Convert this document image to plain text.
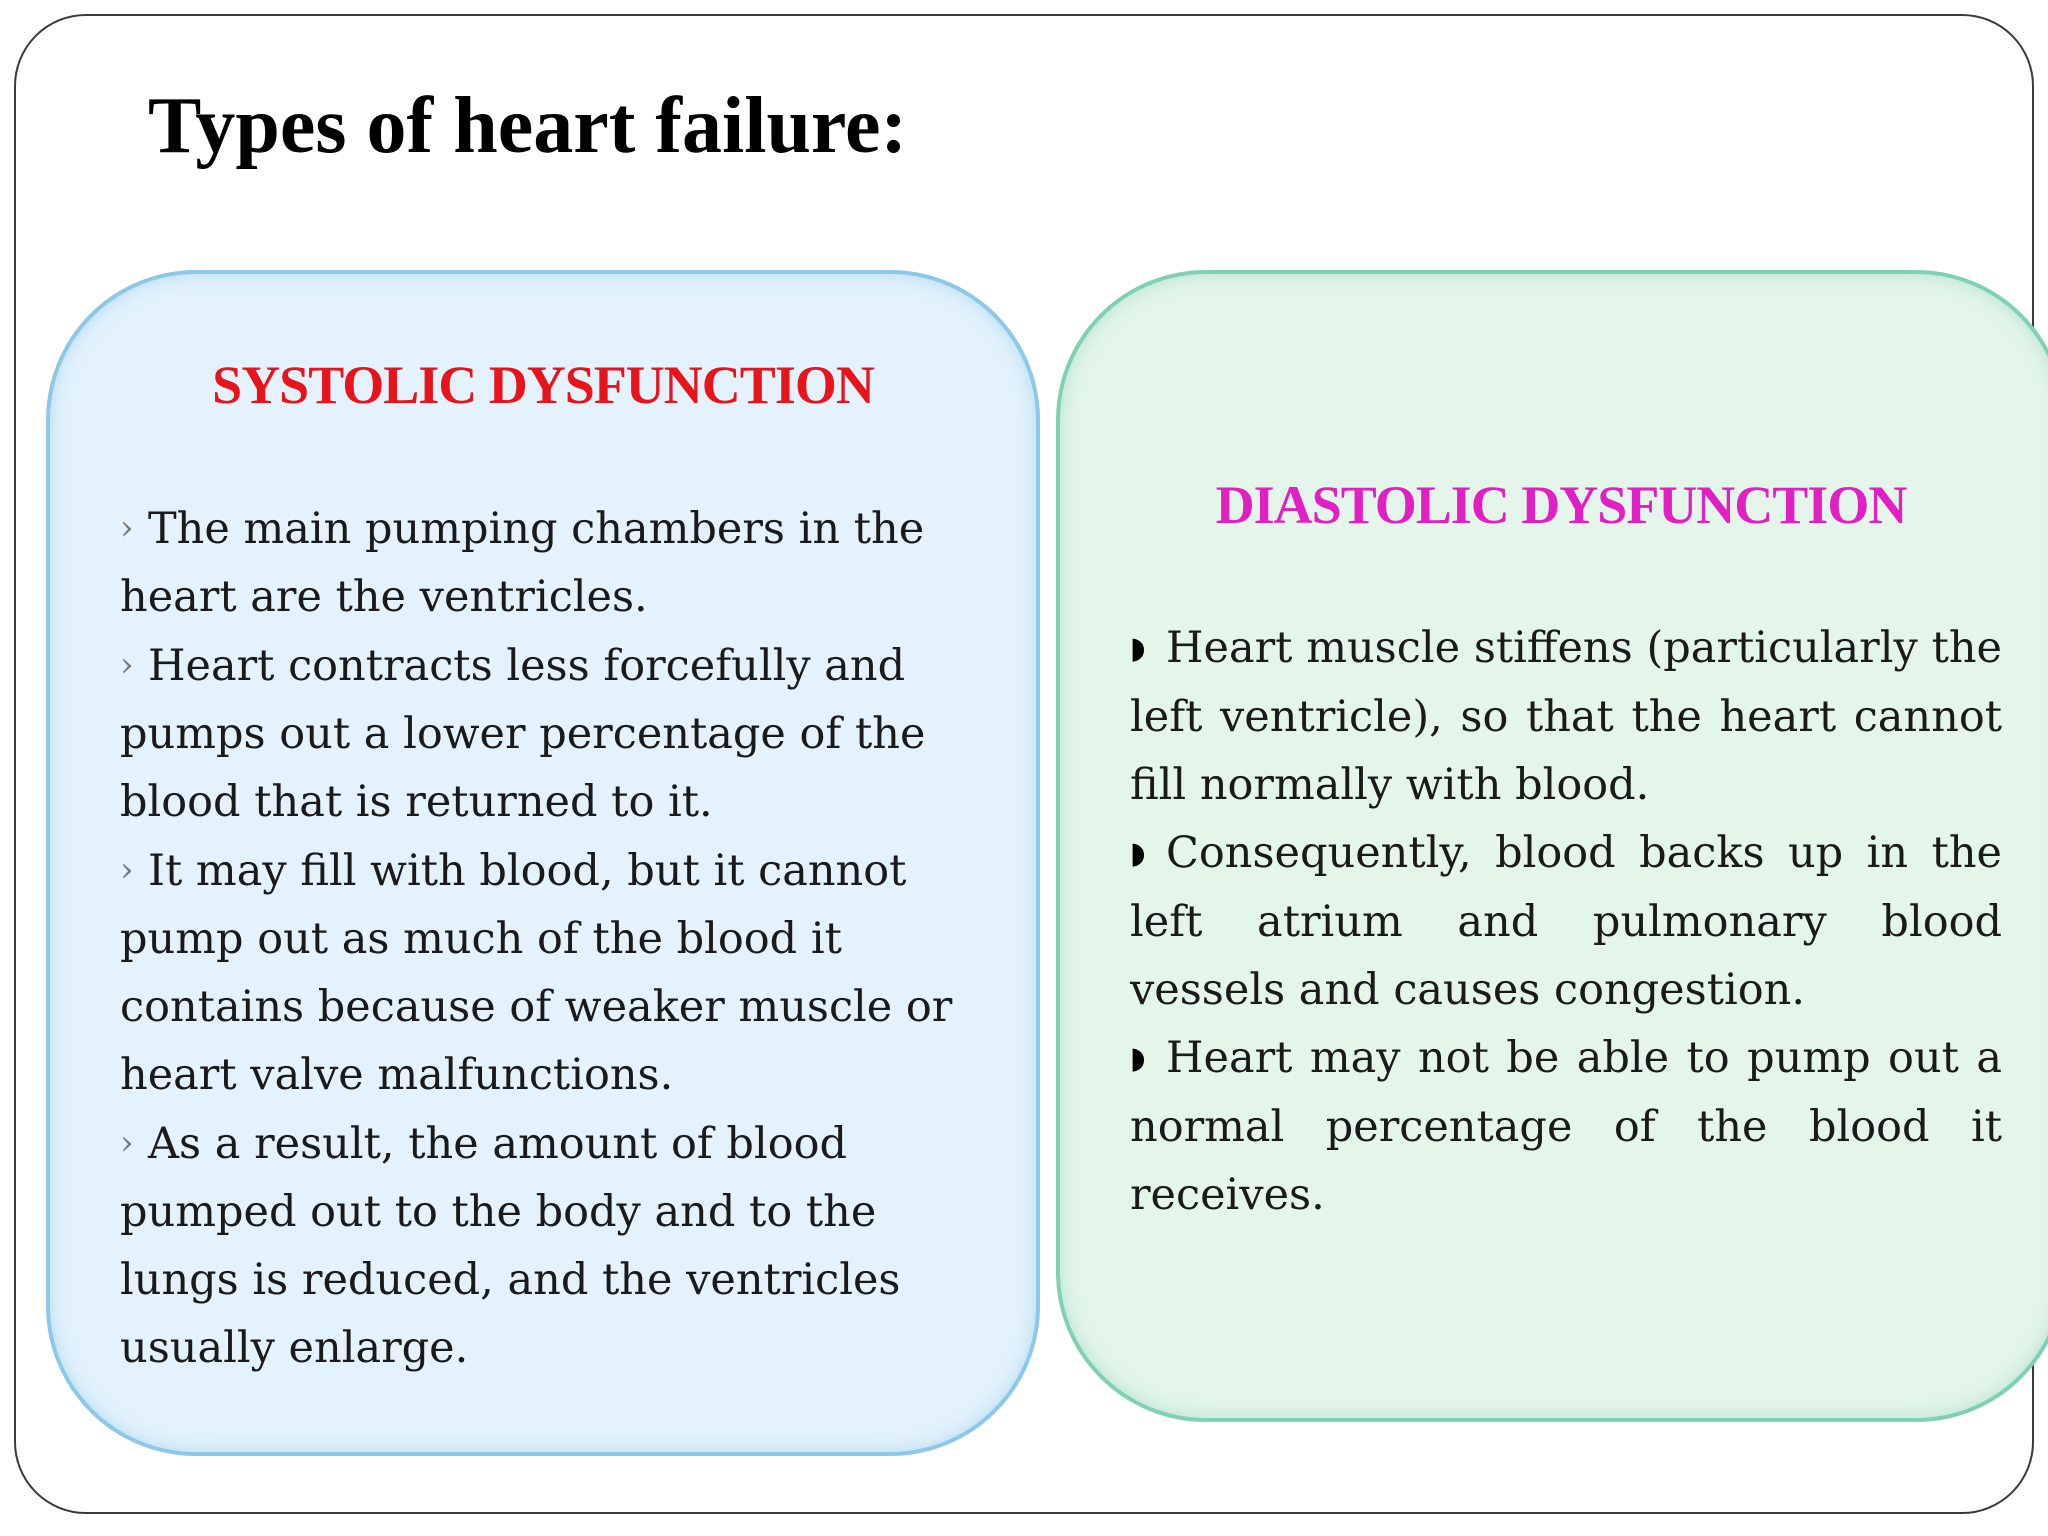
Types of heart failure:
SYSTOLIC DYSFUNCTION

› The main pumping chambers in the heart are the ventricles.

› Heart contracts less forcefully and pumps out a lower percentage of the blood that is returned to it.

› It may fill with blood, but it cannot pump out as much of the blood it contains because of weaker muscle or heart valve malfunctions.

› As a result, the amount of blood pumped out to the body and to the lungs is reduced, and the ventricles usually enlarge.

DIASTOLIC DYSFUNCTION

◗ Heart muscle stiffens (particularly the left ventricle), so that the heart cannot fill normally with blood.

◗ Consequently, blood backs up in the left atrium and pulmonary blood vessels and causes congestion.

◗ Heart may not be able to pump out a normal percentage of the blood it receives.
